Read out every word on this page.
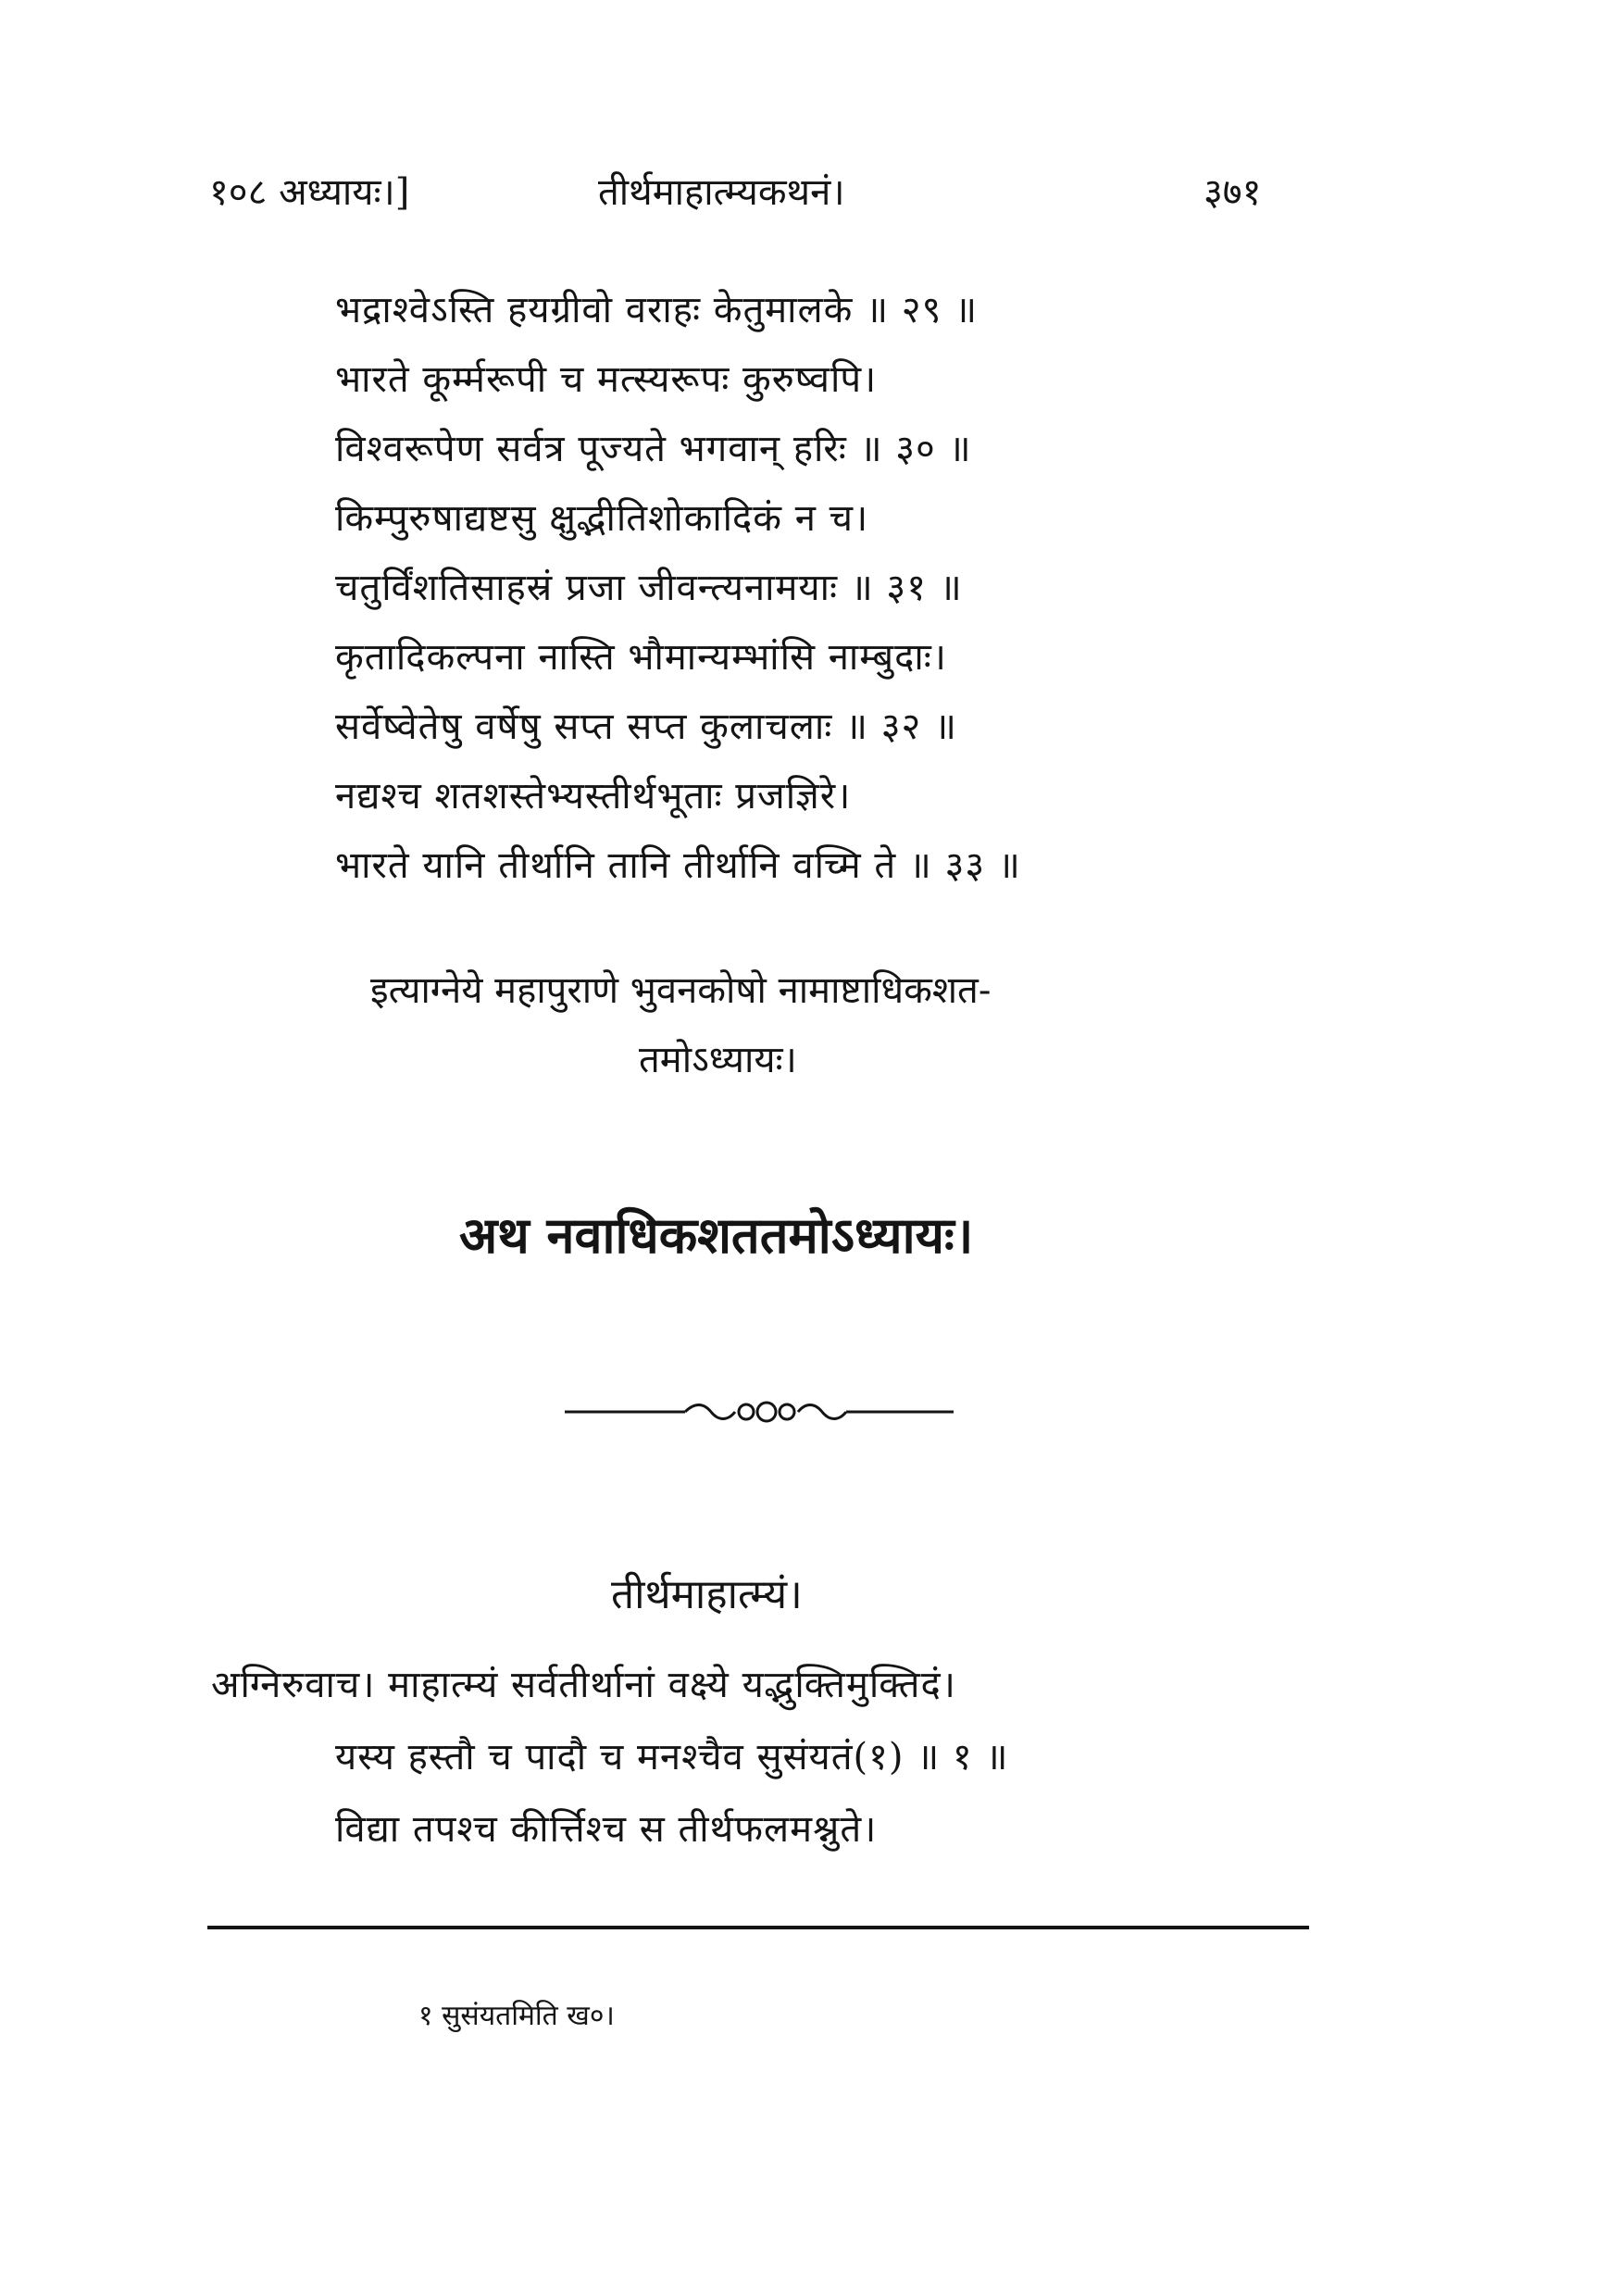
१०८ अध्यायः।]	तीर्थमाहात्म्यकथनं।	३७१
भद्राश्वेऽस्ति हयग्रीवो वराहः केतुमालके ॥ २९ ॥
भारते कूर्म्मरूपी च मत्स्यरूपः कुरुष्वपि।
विश्वरूपेण सर्वत्र पूज्यते भगवान् हरिः ॥ ३० ॥
किम्पुरुषाद्यष्टसु क्षुद्भीतिशोकादिकं न च।
चतुर्विंशतिसाहस्रं प्रजा जीवन्त्यनामयाः ॥ ३१ ॥
कृतादिकल्पना नास्ति भौमान्यम्भांसि नाम्बुदाः।
सर्वेष्वेतेषु वर्षेषु सप्त सप्त कुलाचलाः ॥ ३२ ॥
नद्यश्च शतशस्तेभ्यस्तीर्थभूताः प्रजज्ञिरे।
भारते यानि तीर्थानि तानि तीर्थानि वच्मि ते ॥ ३३ ॥
इत्याग्नेये महापुराणे भुवनकोषो नामाष्टाधिकशत-
तमोऽध्यायः।
अथ नवाधिकशततमोऽध्यायः।
तीर्थमाहात्म्यं।
अग्निरुवाच। माहात्म्यं सर्वतीर्थानां वक्ष्ये यद्भुक्तिमुक्तिदं।
यस्य हस्तौ च पादौ च मनश्चैव सुसंयतं(१) ॥ १ ॥
विद्या तपश्च कीर्त्तिश्च स तीर्थफलमश्नुते।
१ सुसंयतमिति ख०।
